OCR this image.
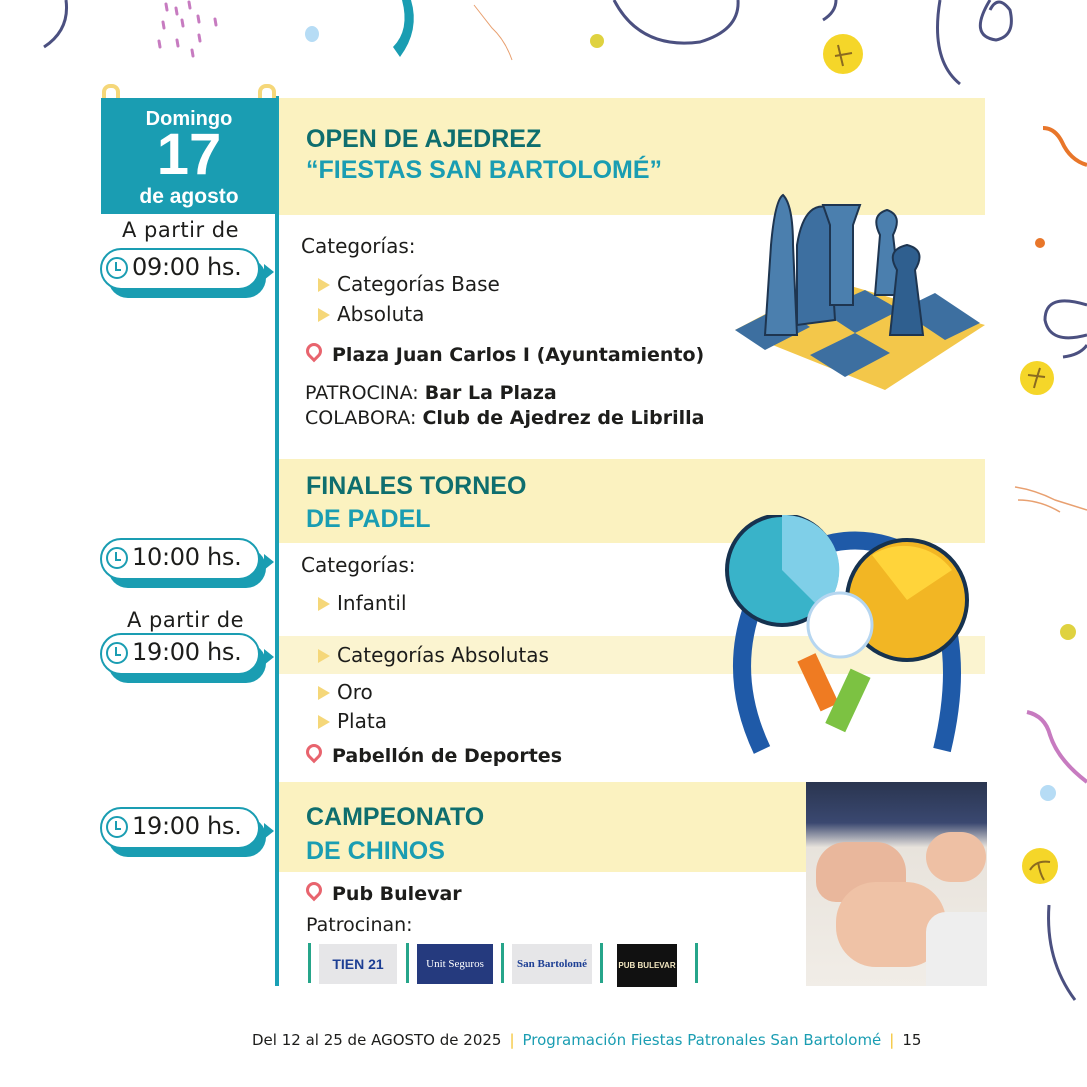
Domingo
17
de agosto
A partir de
09:00 hs.
OPEN DE AJEDREZ
“FIESTAS SAN BARTOLOMÉ”
Categorías:
Categorías Base
Absoluta
Plaza Juan Carlos I (Ayuntamiento)
PATROCINA: Bar La Plaza
COLABORA: Club de Ajedrez de Librilla
FINALES TORNEO
DE PADEL
10:00 hs.
A partir de
19:00 hs.
Categorías:
Infantil
Categorías Absolutas
Oro
Plata
Pabellón de Deportes
19:00 hs.	CAMPEONATO
DE CHINOS
Pub Bulevar
Patrocinan:
TIEN 21	Unit Seguros	San Bartolomé	PUB BULEVAR
Del 12 al 25 de AGOSTO de 2025 | Programación Fiestas Patronales San Bartolomé | 15
